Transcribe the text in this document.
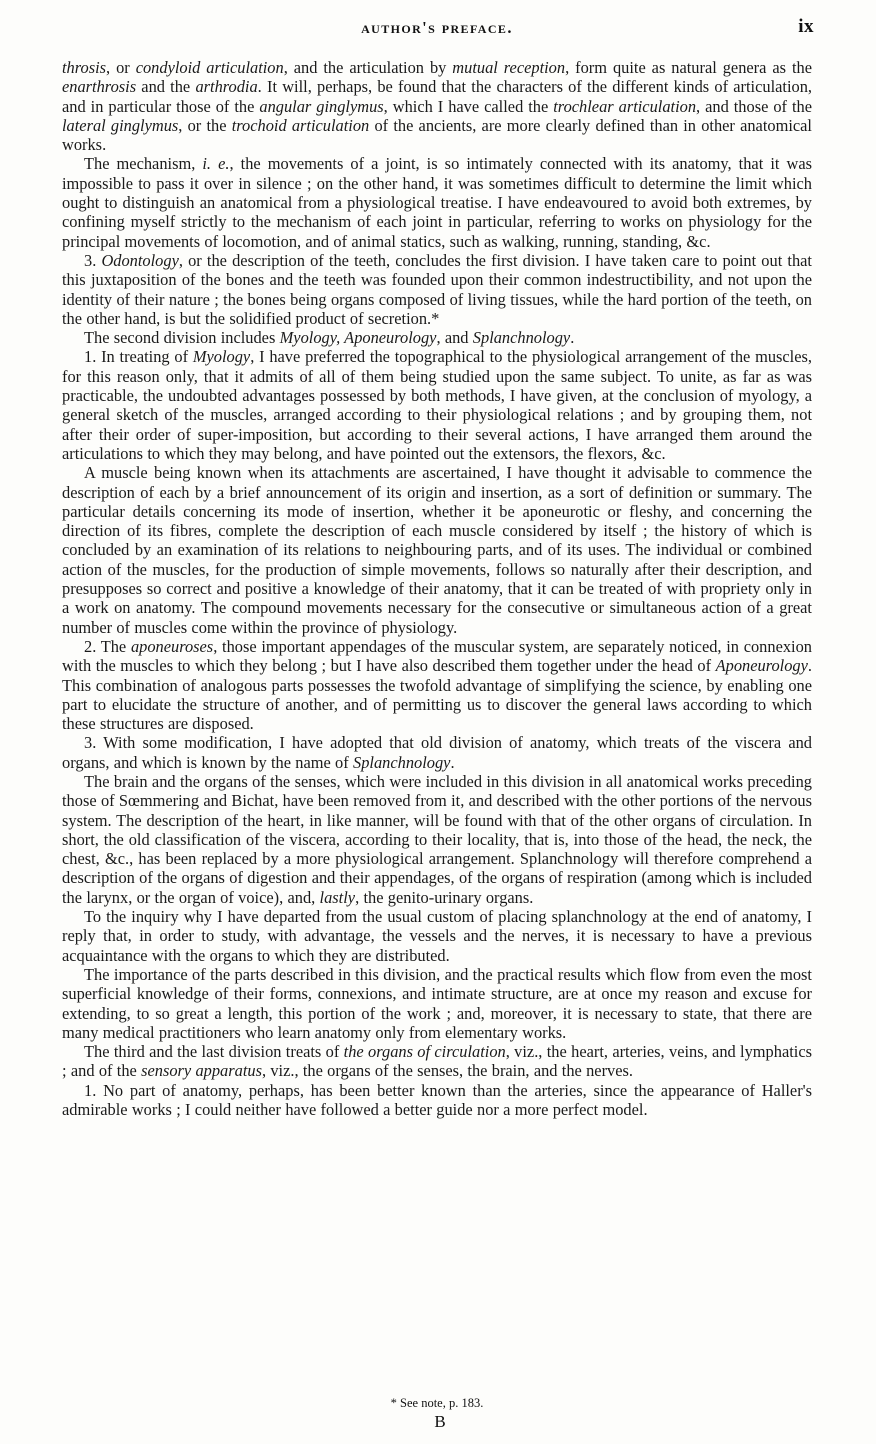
author's preface.	ix

throsis, or condyloid articulation, and the articulation by mutual reception, form quite as natural genera as the enarthrosis and the arthrodia. It will, perhaps, be found that the characters of the different kinds of articulation, and in particular those of the angular ginglymus, which I have called the trochlear articulation, and those of the lateral ginglymus, or the trochoid articulation of the ancients, are more clearly defined than in other anatomical works.

The mechanism, i. e., the movements of a joint, is so intimately connected with its anatomy, that it was impossible to pass it over in silence ; on the other hand, it was sometimes difficult to determine the limit which ought to distinguish an anatomical from a physiological treatise. I have endeavoured to avoid both extremes, by confining myself strictly to the mechanism of each joint in particular, referring to works on physiology for the principal movements of locomotion, and of animal statics, such as walking, running, standing, &c.

3. Odontology, or the description of the teeth, concludes the first division. I have taken care to point out that this juxtaposition of the bones and the teeth was founded upon their common indestructibility, and not upon the identity of their nature ; the bones being organs composed of living tissues, while the hard portion of the teeth, on the other hand, is but the solidified product of secretion.*

The second division includes Myology, Aponeurology, and Splanchnology.

1. In treating of Myology, I have preferred the topographical to the physiological arrangement of the muscles, for this reason only, that it admits of all of them being studied upon the same subject. To unite, as far as was practicable, the undoubted advantages possessed by both methods, I have given, at the conclusion of myology, a general sketch of the muscles, arranged according to their physiological relations ; and by grouping them, not after their order of super-imposition, but according to their several actions, I have arranged them around the articulations to which they may belong, and have pointed out the extensors, the flexors, &c.

A muscle being known when its attachments are ascertained, I have thought it advisable to commence the description of each by a brief announcement of its origin and insertion, as a sort of definition or summary. The particular details concerning its mode of insertion, whether it be aponeurotic or fleshy, and concerning the direction of its fibres, complete the description of each muscle considered by itself ; the history of which is concluded by an examination of its relations to neighbouring parts, and of its uses. The individual or combined action of the muscles, for the production of simple movements, follows so naturally after their description, and presupposes so correct and positive a knowledge of their anatomy, that it can be treated of with propriety only in a work on anatomy. The compound movements necessary for the consecutive or simultaneous action of a great number of muscles come within the province of physiology.

2. The aponeuroses, those important appendages of the muscular system, are separately noticed, in connexion with the muscles to which they belong ; but I have also described them together under the head of Aponeurology. This combination of analogous parts possesses the twofold advantage of simplifying the science, by enabling one part to elucidate the structure of another, and of permitting us to discover the general laws according to which these structures are disposed.

3. With some modification, I have adopted that old division of anatomy, which treats of the viscera and organs, and which is known by the name of Splanchnology.

The brain and the organs of the senses, which were included in this division in all anatomical works preceding those of Sœmmering and Bichat, have been removed from it, and described with the other portions of the nervous system. The description of the heart, in like manner, will be found with that of the other organs of circulation. In short, the old classification of the viscera, according to their locality, that is, into those of the head, the neck, the chest, &c., has been replaced by a more physiological arrangement. Splanchnology will therefore comprehend a description of the organs of digestion and their appendages, of the organs of respiration (among which is included the larynx, or the organ of voice), and, lastly, the genito-urinary organs.

To the inquiry why I have departed from the usual custom of placing splanchnology at the end of anatomy, I reply that, in order to study, with advantage, the vessels and the nerves, it is necessary to have a previous acquaintance with the organs to which they are distributed.

The importance of the parts described in this division, and the practical results which flow from even the most superficial knowledge of their forms, connexions, and intimate structure, are at once my reason and excuse for extending, to so great a length, this portion of the work ; and, moreover, it is necessary to state, that there are many medical practitioners who learn anatomy only from elementary works.

The third and the last division treats of the organs of circulation, viz., the heart, arteries, veins, and lymphatics ; and of the sensory apparatus, viz., the organs of the senses, the brain, and the nerves.

1. No part of anatomy, perhaps, has been better known than the arteries, since the appearance of Haller's admirable works ; I could neither have followed a better guide nor a more perfect model.

* See note, p. 183.
B
